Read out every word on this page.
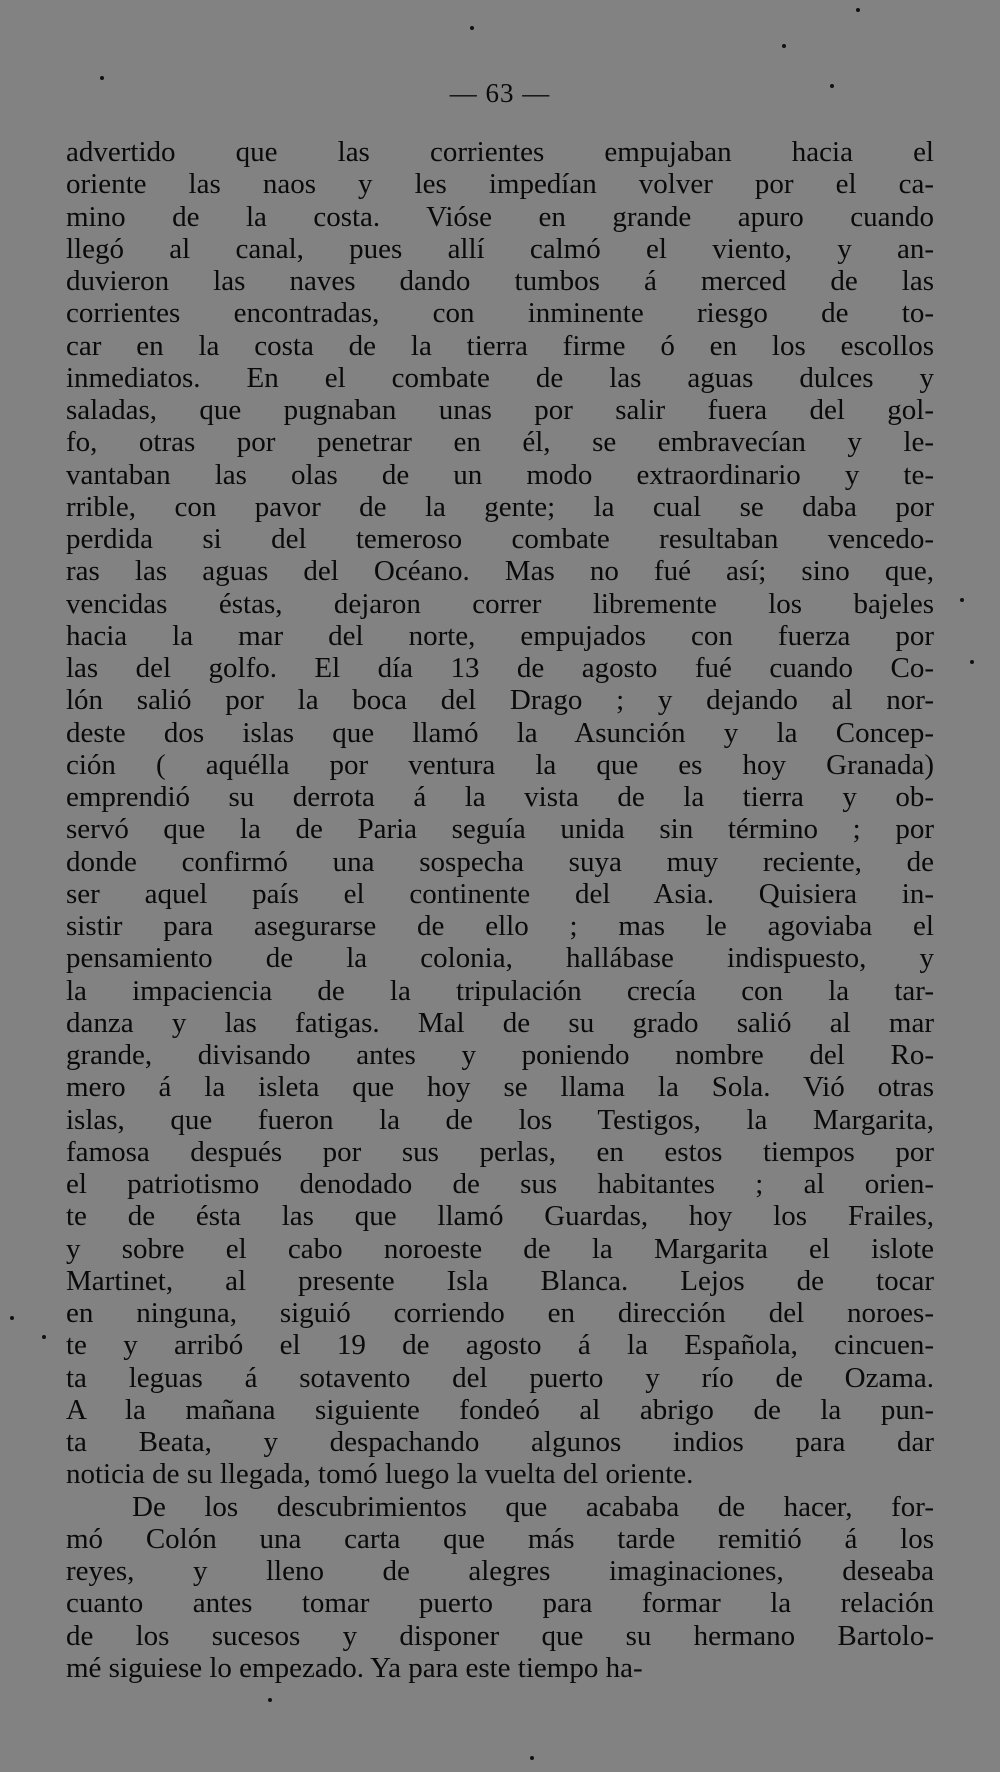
— 63 —
advertido que las corrientes empujaban hacia el
oriente las naos y les impedían volver por el ca-
mino de la costa. Vióse en grande apuro cuando
llegó al canal, pues allí calmó el viento, y an-
duvieron las naves dando tumbos á merced de las
corrientes encontradas, con inminente riesgo de to-
car en la costa de la tierra firme ó en los escollos
inmediatos. En el combate de las aguas dulces y
saladas, que pugnaban unas por salir fuera del gol-
fo, otras por penetrar en él, se embravecían y le-
vantaban las olas de un modo extraordinario y te-
rrible, con pavor de la gente; la cual se daba por
perdida si del temeroso combate resultaban vencedo-
ras las aguas del Océano. Mas no fué así; sino que,
vencidas éstas, dejaron correr libremente los bajeles
hacia la mar del norte, empujados con fuerza por
las del golfo. El día 13 de agosto fué cuando Co-
lón salió por la boca del Drago ; y dejando al nor-
deste dos islas que llamó la Asunción y la Concep-
ción ( aquélla por ventura la que es hoy Granada)
emprendió su derrota á la vista de la tierra y ob-
servó que la de Paria seguía unida sin término ; por
donde confirmó una sospecha suya muy reciente, de
ser aquel país el continente del Asia. Quisiera in-
sistir para asegurarse de ello ; mas le agoviaba el
pensamiento de la colonia, hallábase indispuesto, y
la impaciencia de la tripulación crecía con la tar-
danza y las fatigas. Mal de su grado salió al mar
grande, divisando antes y poniendo nombre del Ro-
mero á la isleta que hoy se llama la Sola. Vió otras
islas, que fueron la de los Testigos, la Margarita,
famosa después por sus perlas, en estos tiempos por
el patriotismo denodado de sus habitantes ; al orien-
te de ésta las que llamó Guardas, hoy los Frailes,
y sobre el cabo noroeste de la Margarita el islote
Martinet, al presente Isla Blanca. Lejos de tocar
en ninguna, siguió corriendo en dirección del noroes-
te y arribó el 19 de agosto á la Española, cincuen-
ta leguas á sotavento del puerto y río de Ozama.
A la mañana siguiente fondeó al abrigo de la pun-
ta Beata, y despachando algunos indios para dar
noticia de su llegada, tomó luego la vuelta del oriente.
De los descubrimientos que acababa de hacer, for-
mó Colón una carta que más tarde remitió á los
reyes, y lleno de alegres imaginaciones, deseaba
cuanto antes tomar puerto para formar la relación
de los sucesos y disponer que su hermano Bartolo-
mé siguiese lo empezado. Ya para este tiempo ha-
